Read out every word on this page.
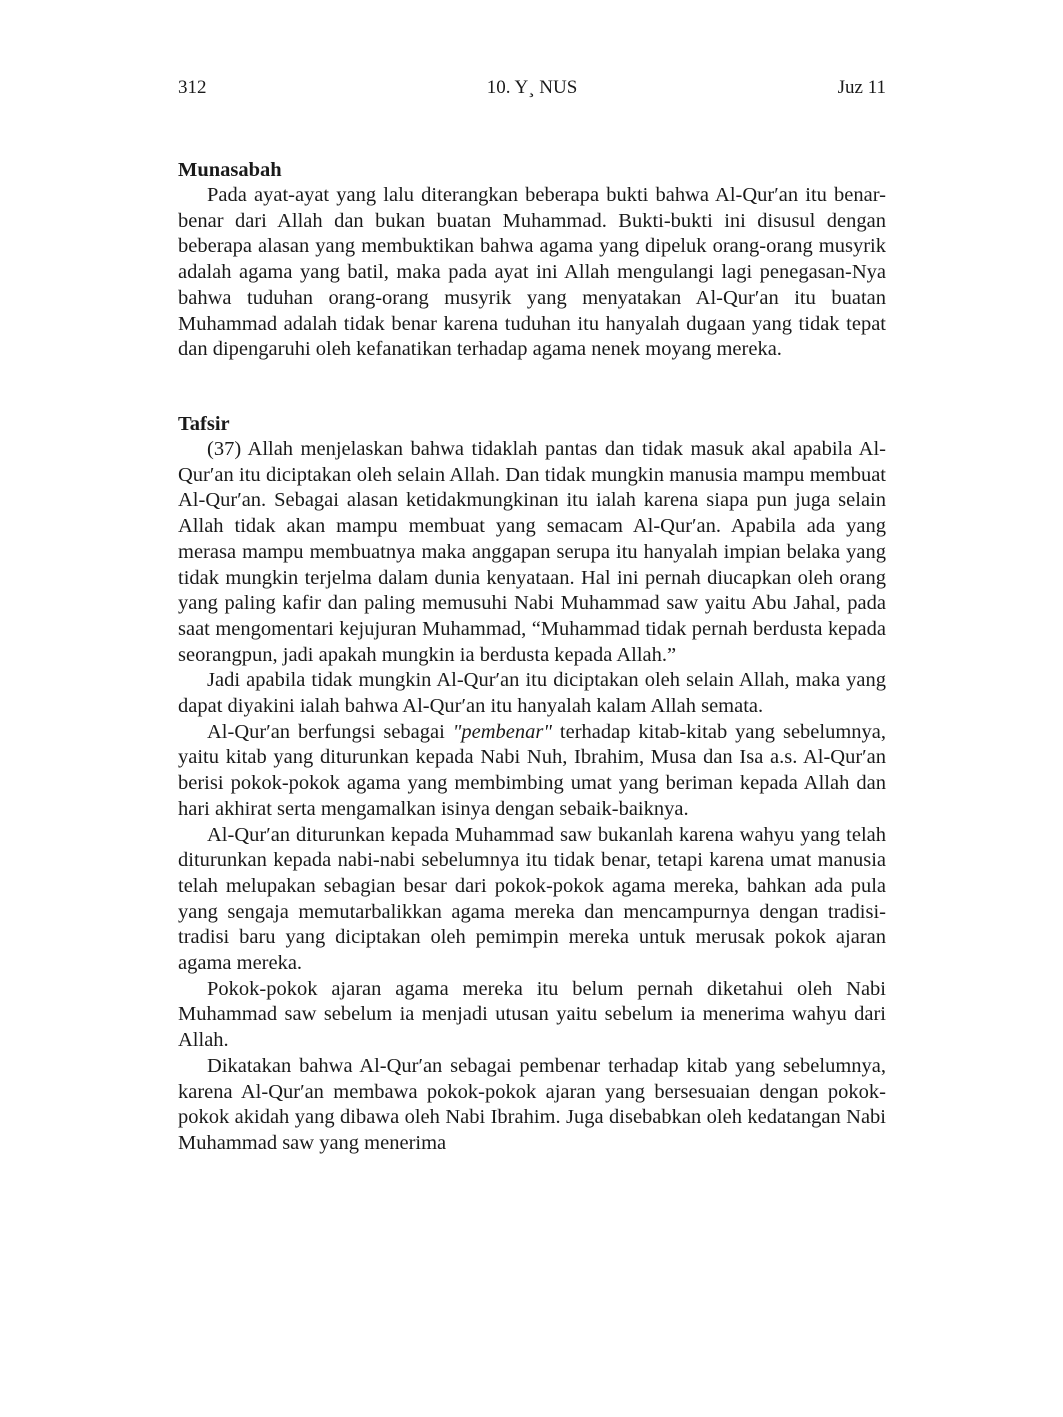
312	10. Y¸ NUS	Juz 11
Munasabah

Pada ayat-ayat yang lalu diterangkan beberapa bukti bahwa Al-Qur′an itu benar-benar dari Allah dan bukan buatan Muhammad. Bukti-bukti ini disusul dengan beberapa alasan yang membuktikan bahwa agama yang dipeluk orang-orang musyrik adalah agama yang batil, maka pada ayat ini Allah mengulangi lagi penegasan-Nya bahwa tuduhan orang-orang musyrik yang menyatakan Al-Qur′an itu buatan Muhammad adalah tidak benar karena tuduhan itu hanyalah dugaan yang tidak tepat dan dipengaruhi oleh kefanatikan terhadap agama nenek moyang mereka.

Tafsir

(37) Allah menjelaskan bahwa tidaklah pantas dan tidak masuk akal apabila Al-Qur′an itu diciptakan oleh selain Allah. Dan tidak mungkin manusia mampu membuat Al-Qur′an. Sebagai alasan ketidakmungkinan itu ialah karena siapa pun juga selain Allah tidak akan mampu membuat yang semacam Al-Qur′an. Apabila ada yang merasa mampu membuatnya maka anggapan serupa itu hanyalah impian belaka yang tidak mungkin terjelma dalam dunia kenyataan. Hal ini pernah diucapkan oleh orang yang paling kafir dan paling memusuhi Nabi Muhammad saw yaitu Abu Jahal, pada saat mengomentari kejujuran Muhammad, “Muhammad tidak pernah berdusta kepada seorangpun, jadi apakah mungkin ia berdusta kepada Allah.”

Jadi apabila tidak mungkin Al-Qur′an itu diciptakan oleh selain Allah, maka yang dapat diyakini ialah bahwa Al-Qur′an itu hanyalah kalam Allah semata.

Al-Qur′an berfungsi sebagai "pembenar" terhadap kitab-kitab yang sebelumnya, yaitu kitab yang diturunkan kepada Nabi Nuh, Ibrahim, Musa dan Isa a.s. Al-Qur′an berisi pokok-pokok agama yang membimbing umat yang beriman kepada Allah dan hari akhirat serta mengamalkan isinya dengan sebaik-baiknya.

Al-Qur′an diturunkan kepada Muhammad saw bukanlah karena wahyu yang telah diturunkan kepada nabi-nabi sebelumnya itu tidak benar, tetapi karena umat manusia telah melupakan sebagian besar dari pokok-pokok agama mereka, bahkan ada pula yang sengaja memutarbalikkan agama mereka dan mencampurnya dengan tradisi-tradisi baru yang diciptakan oleh pemimpin mereka untuk merusak pokok ajaran agama mereka.

Pokok-pokok ajaran agama mereka itu belum pernah diketahui oleh Nabi Muhammad saw sebelum ia menjadi utusan yaitu sebelum ia menerima wahyu dari Allah.

Dikatakan bahwa Al-Qur′an sebagai pembenar terhadap kitab yang sebelumnya, karena Al-Qur′an membawa pokok-pokok ajaran yang bersesuaian dengan pokok-pokok akidah yang dibawa oleh Nabi Ibrahim. Juga disebabkan oleh kedatangan Nabi Muhammad saw yang menerima
